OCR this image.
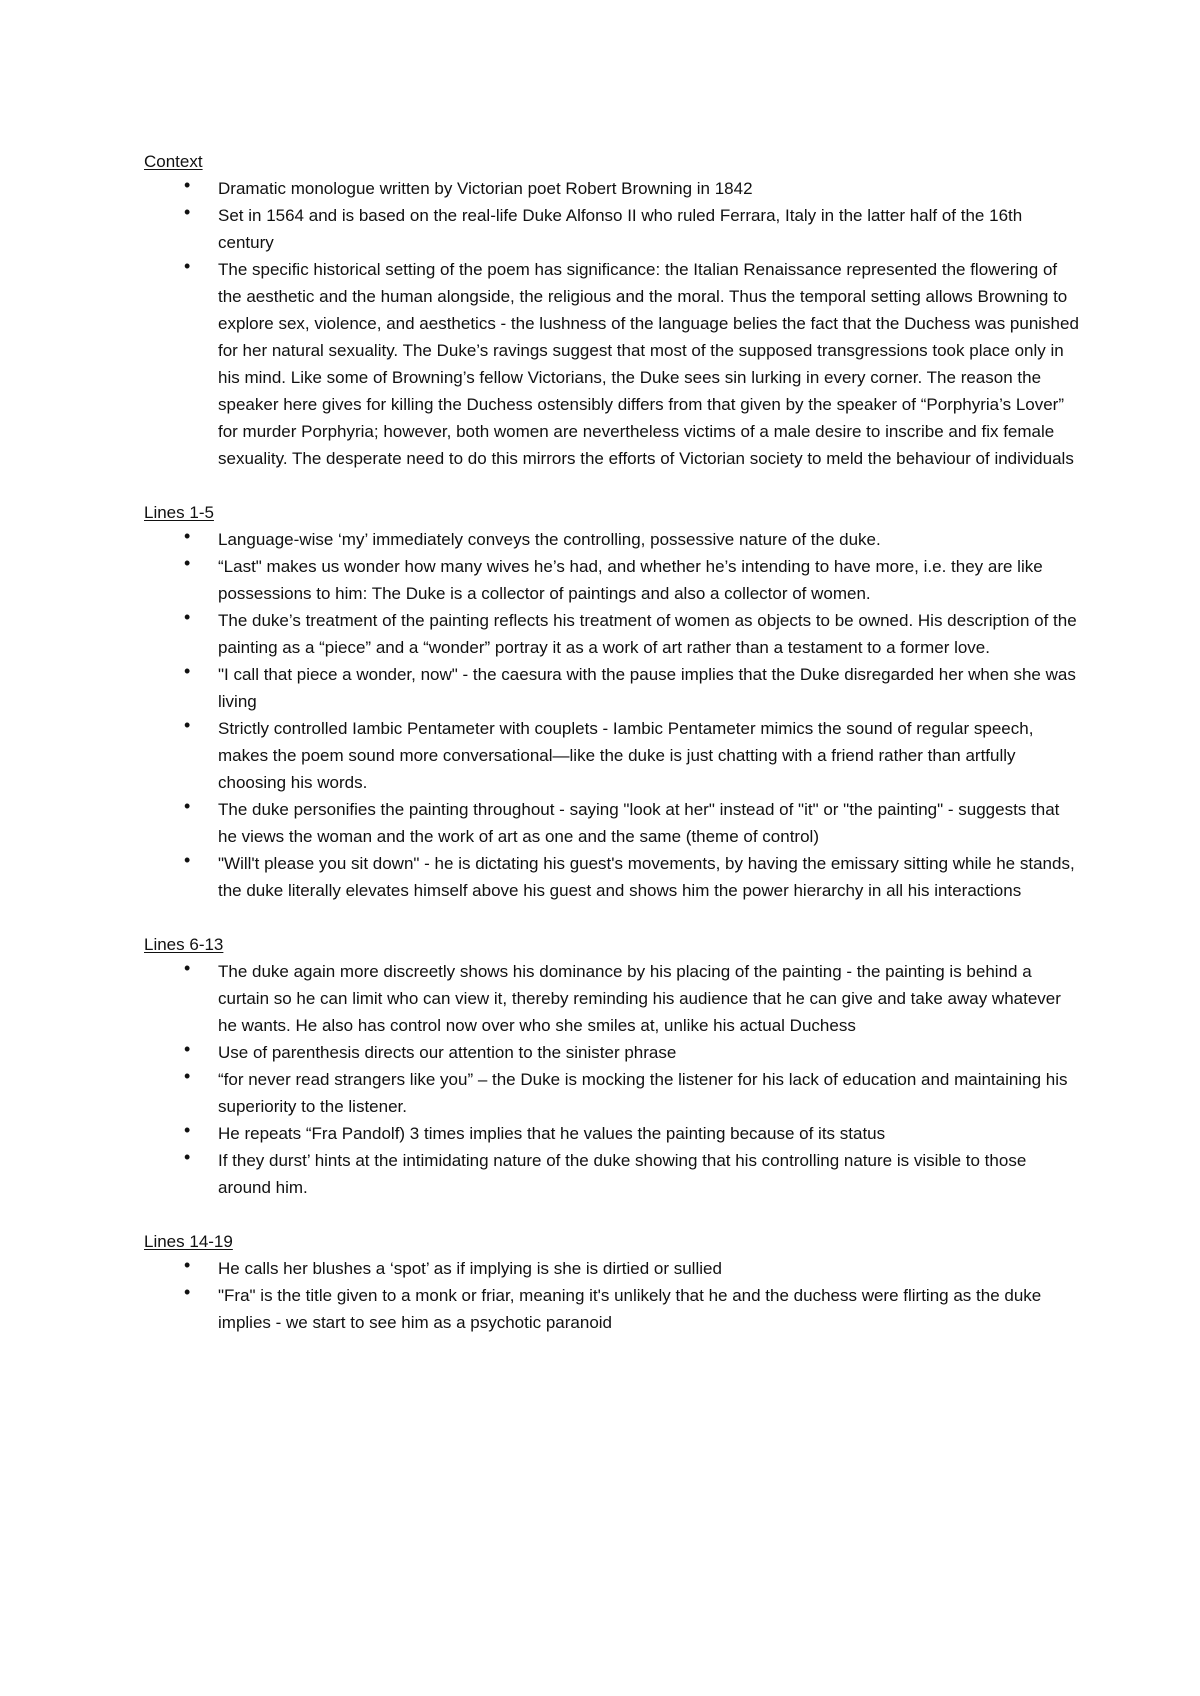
Context

• Dramatic monologue written by Victorian poet Robert Browning in 1842
• Set in 1564 and is based on the real-life Duke Alfonso II who ruled Ferrara, Italy in the latter half of the 16th century
• The specific historical setting of the poem has significance: the Italian Renaissance represented the flowering of the aesthetic and the human alongside, the religious and the moral. Thus the temporal setting allows Browning to explore sex, violence, and aesthetics - the lushness of the language belies the fact that the Duchess was punished for her natural sexuality. The Duke’s ravings suggest that most of the supposed transgressions took place only in his mind. Like some of Browning’s fellow Victorians, the Duke sees sin lurking in every corner. The reason the speaker here gives for killing the Duchess ostensibly differs from that given by the speaker of “Porphyria’s Lover” for murder Porphyria; however, both women are nevertheless victims of a male desire to inscribe and fix female sexuality. The desperate need to do this mirrors the efforts of Victorian society to meld the behaviour of individuals

Lines 1-5

• Language-wise ‘my’ immediately conveys the controlling, possessive nature of the duke.
• “Last" makes us wonder how many wives he’s had, and whether he’s intending to have more, i.e. they are like possessions to him: The Duke is a collector of paintings and also a collector of women.
• The duke’s treatment of the painting reflects his treatment of women as objects to be owned. His description of the painting as a “piece” and a “wonder” portray it as a work of art rather than a testament to a former love.
• "I call that piece a wonder, now" - the caesura with the pause implies that the Duke disregarded her when she was living
• Strictly controlled Iambic Pentameter with couplets - Iambic Pentameter mimics the sound of regular speech, makes the poem sound more conversational—like the duke is just chatting with a friend rather than artfully choosing his words.
• The duke personifies the painting throughout - saying "look at her" instead of "it" or "the painting" - suggests that he views the woman and the work of art as one and the same (theme of control)
• "Will't please you sit down" - he is dictating his guest's movements, by having the emissary sitting while he stands, the duke literally elevates himself above his guest and shows him the power hierarchy in all his interactions

Lines 6-13

• The duke again more discreetly shows his dominance by his placing of the painting - the painting is behind a curtain so he can limit who can view it, thereby reminding his audience that he can give and take away whatever he wants. He also has control now over who she smiles at, unlike his actual Duchess
• Use of parenthesis directs our attention to the sinister phrase
• “for never read strangers like you” – the Duke is mocking the listener for his lack of education and maintaining his superiority to the listener.
• He repeats “Fra Pandolf) 3 times implies that he values the painting because of its status
• If they durst’ hints at the intimidating nature of the duke showing that his controlling nature is visible to those around him.

Lines 14-19

• He calls her blushes a ‘spot’ as if implying is she is dirtied or sullied
• "Fra" is the title given to a monk or friar, meaning it's unlikely that he and the duchess were flirting as the duke implies - we start to see him as a psychotic paranoid
